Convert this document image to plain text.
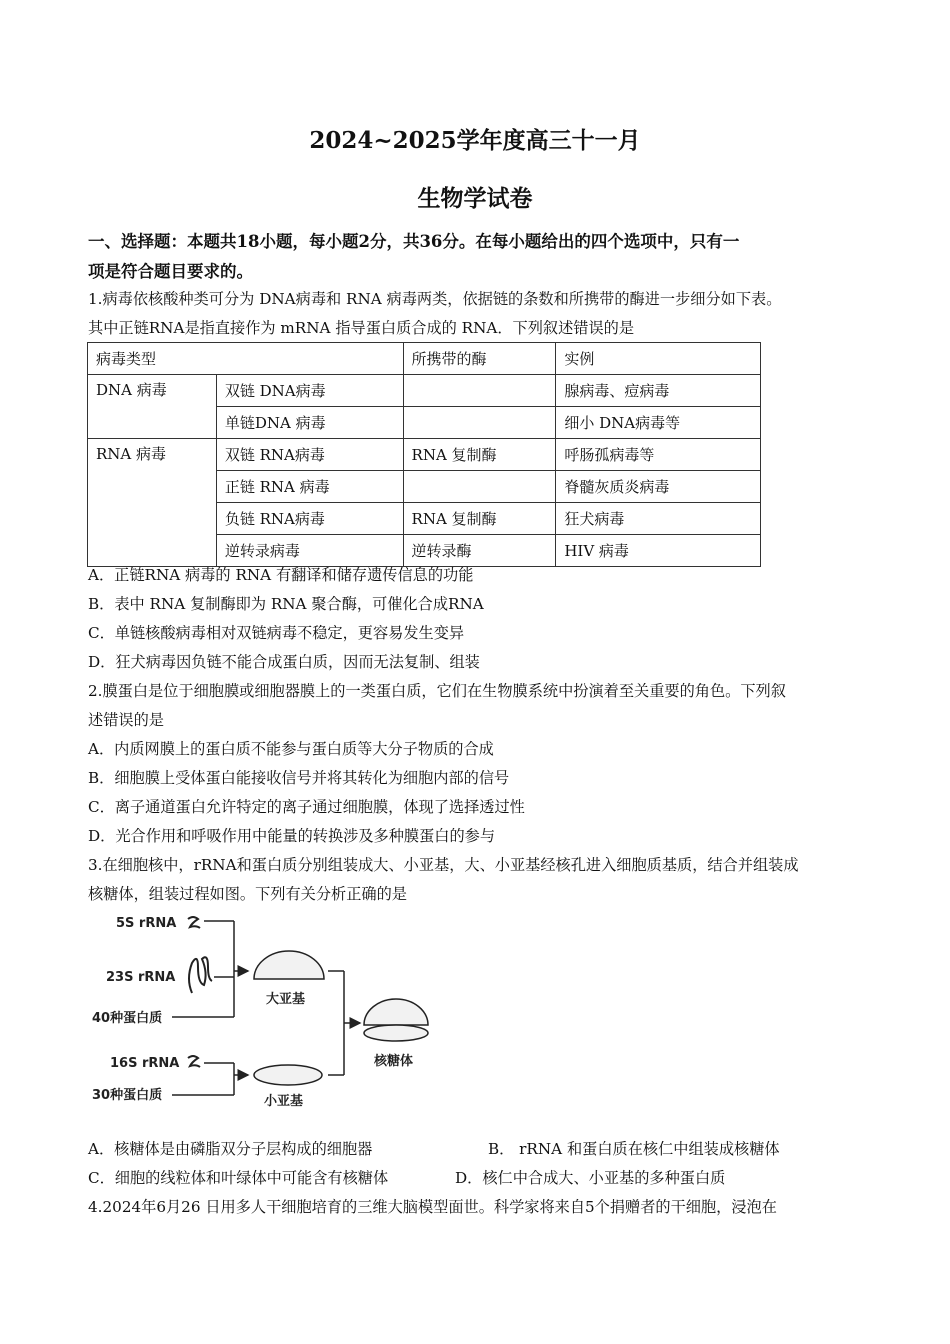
2024~2025学年度高三十一月
生物学试卷
一、选择题：本题共18小题，每小题2分，共36分。在每小题给出的四个选项中，只有一
项是符合题目要求的。
1.病毒依核酸种类可分为 DNA病毒和 RNA 病毒两类，依据链的条数和所携带的酶进一步细分如下表。
其中正链RNA是指直接作为 mRNA 指导蛋白质合成的 RNA．下列叙述错误的是
病毒类型		所携带的酶	实例
DNA 病毒	双链 DNA病毒		腺病毒、痘病毒
	单链DNA 病毒		细小 DNA病毒等
RNA 病毒	双链 RNA病毒	RNA 复制酶	呼肠孤病毒等
	正链 RNA 病毒		脊髓灰质炎病毒
	负链 RNA病毒	RNA 复制酶	狂犬病毒
	逆转录病毒	逆转录酶	HIV 病毒
A．正链RNA 病毒的 RNA 有翻译和储存遗传信息的功能
B．表中 RNA 复制酶即为 RNA 聚合酶，可催化合成RNA
C．单链核酸病毒相对双链病毒不稳定，更容易发生变异
D．狂犬病毒因负链不能合成蛋白质，因而无法复制、组装
2.膜蛋白是位于细胞膜或细胞器膜上的一类蛋白质，它们在生物膜系统中扮演着至关重要的角色。下列叙
述错误的是
A．内质网膜上的蛋白质不能参与蛋白质等大分子物质的合成
B．细胞膜上受体蛋白能接收信号并将其转化为细胞内部的信号
C．离子通道蛋白允许特定的离子通过细胞膜，体现了选择透过性
D．光合作用和呼吸作用中能量的转换涉及多种膜蛋白的参与
3.在细胞核中，rRNA和蛋白质分别组装成大、小亚基，大、小亚基经核孔进入细胞质基质，结合并组装成
核糖体，组装过程如图。下列有关分析正确的是
5S rRNA
23S rRNA
40种蛋白质
大亚基
16S rRNA
30种蛋白质	小亚基
核糖体
A．核糖体是由磷脂双分子层构成的细胞器	B． rRNA 和蛋白质在核仁中组装成核糖体
C．细胞的线粒体和叶绿体中可能含有核糖体	D．核仁中合成大、小亚基的多种蛋白质
4.2024年6月26 日用多人干细胞培育的三维大脑模型面世。科学家将来自5个捐赠者的干细胞，浸泡在
